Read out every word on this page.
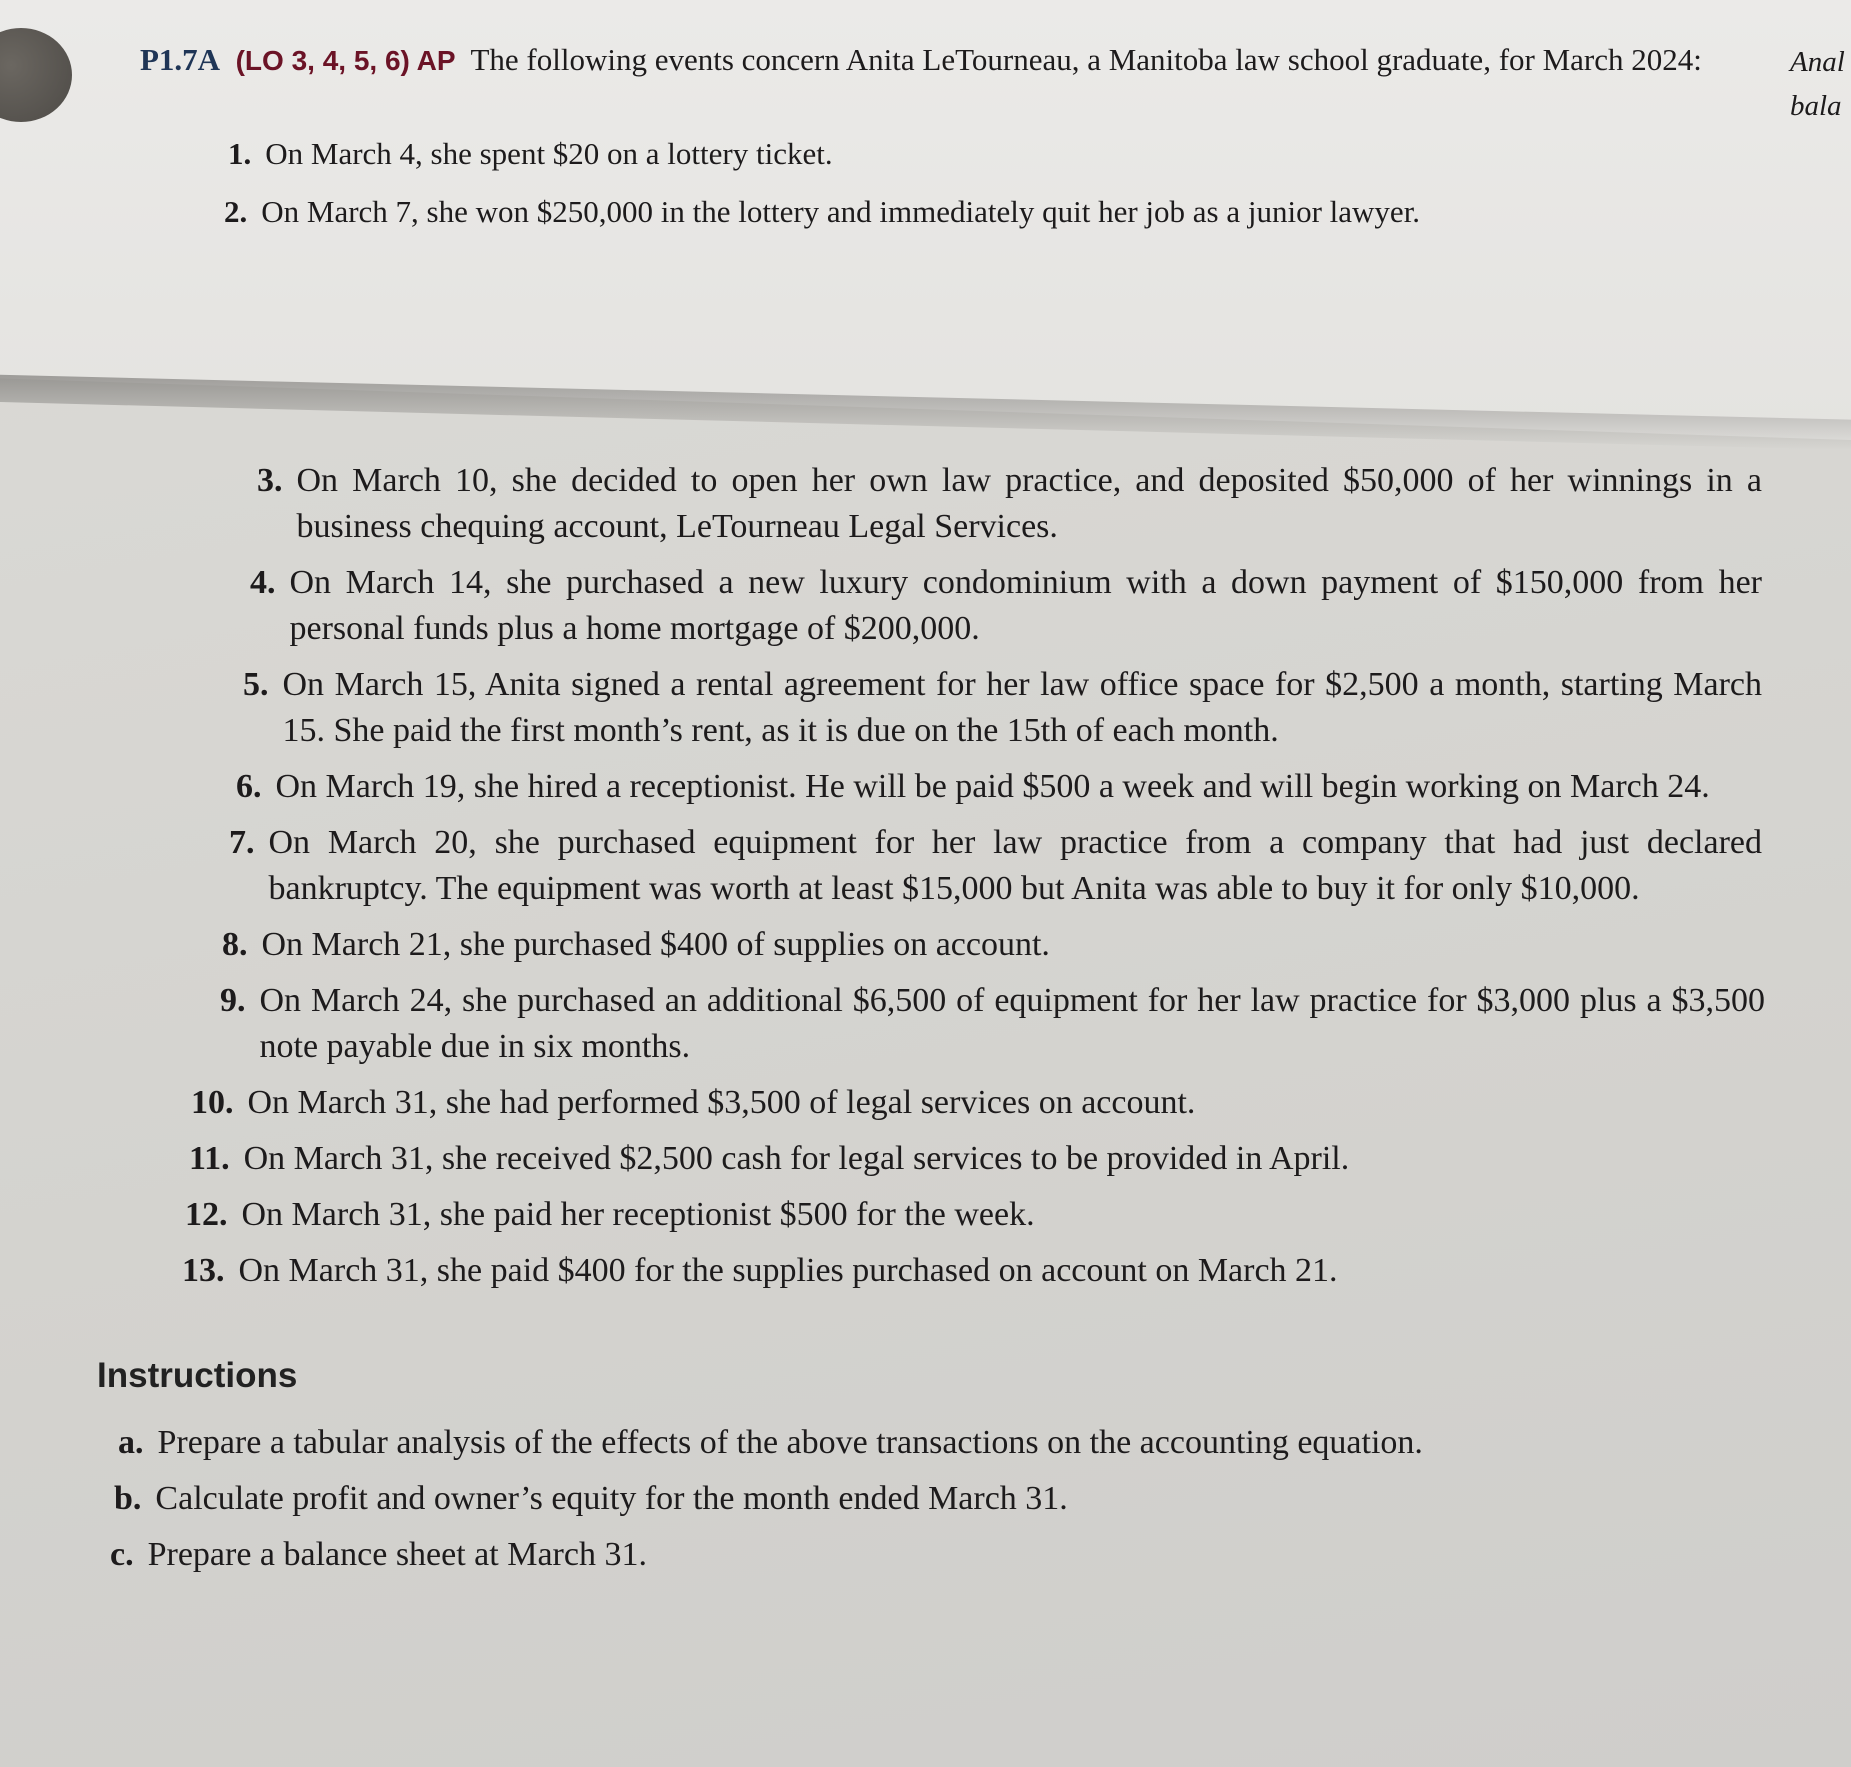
P1.7A (LO 3, 4, 5, 6) AP The following events concern Anita LeTourneau, a Manitoba law school graduate, for March 2024:	Anal
bala
1. On March 4, she spent $20 on a lottery ticket.
2. On March 7, she won $250,000 in the lottery and immediately quit her job as a junior lawyer.
3. On March 10, she decided to open her own law practice, and deposited $50,000 of her winnings in a business chequing account, LeTourneau Legal Services.
4. On March 14, she purchased a new luxury condominium with a down payment of $150,000 from her personal funds plus a home mortgage of $200,000.
5. On March 15, Anita signed a rental agreement for her law office space for $2,500 a month, starting March 15. She paid the first month’s rent, as it is due on the 15th of each month.
6. On March 19, she hired a receptionist. He will be paid $500 a week and will begin working on March 24.
7. On March 20, she purchased equipment for her law practice from a company that had just declared bankruptcy. The equipment was worth at least $15,000 but Anita was able to buy it for only $10,000.
8. On March 21, she purchased $400 of supplies on account.
9. On March 24, she purchased an additional $6,500 of equipment for her law practice for $3,000 plus a $3,500 note payable due in six months.
10. On March 31, she had performed $3,500 of legal services on account.
11. On March 31, she received $2,500 cash for legal services to be provided in April.
12. On March 31, she paid her receptionist $500 for the week.
13. On March 31, she paid $400 for the supplies purchased on account on March 21.
Instructions
a. Prepare a tabular analysis of the effects of the above transactions on the accounting equation.
b. Calculate profit and owner’s equity for the month ended March 31.
c. Prepare a balance sheet at March 31.
